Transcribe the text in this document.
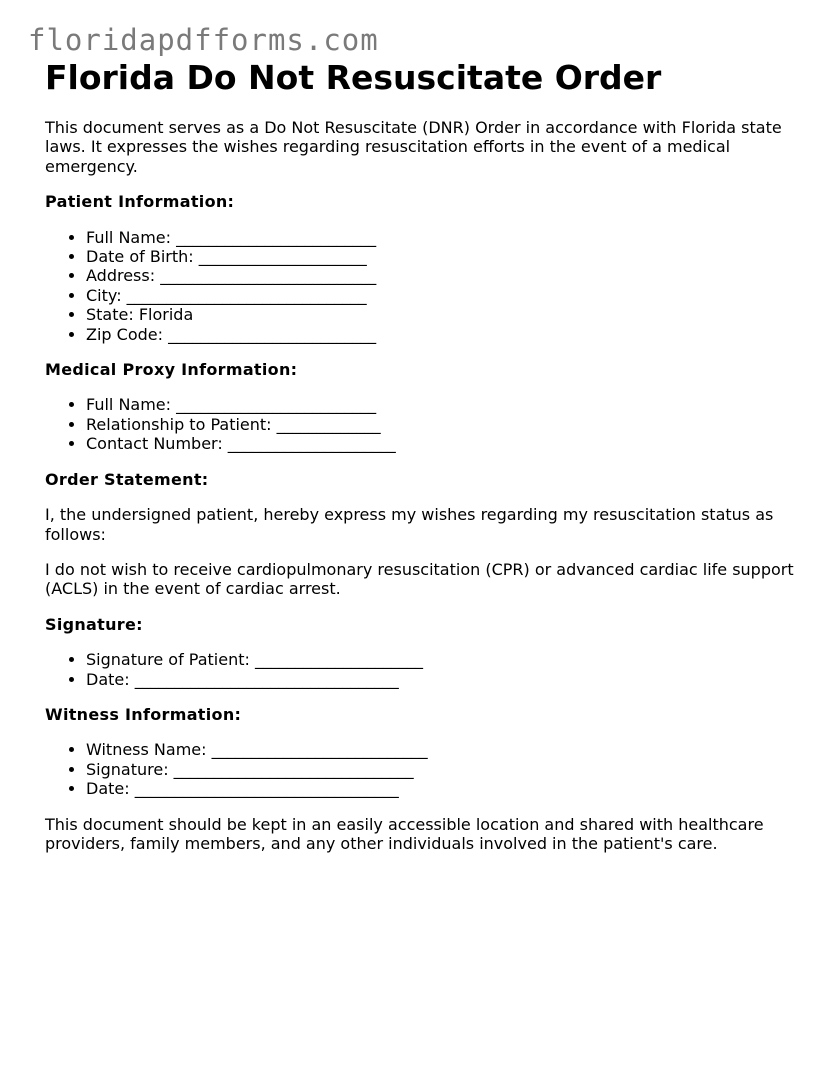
floridapdfforms.com
Florida Do Not Resuscitate Order

This document serves as a Do Not Resuscitate (DNR) Order in accordance with Florida state laws. It expresses the wishes regarding resuscitation efforts in the event of a medical emergency.

Patient Information:
• Full Name: _________________________
• Date of Birth: _____________________
• Address: ___________________________
• City: ______________________________
• State: Florida
• Zip Code: __________________________
Medical Proxy Information:
• Full Name: _________________________
• Relationship to Patient: _____________
• Contact Number: _____________________
Order Statement:

I, the undersigned patient, hereby express my wishes regarding my resuscitation status as follows:

I do not wish to receive cardiopulmonary resuscitation (CPR) or advanced cardiac life support (ACLS) in the event of cardiac arrest.

Signature:
• Signature of Patient: _____________________
• Date: _________________________________
Witness Information:
• Witness Name: ___________________________
• Signature: ______________________________
• Date: _________________________________

This document should be kept in an easily accessible location and shared with healthcare providers, family members, and any other individuals involved in the patient's care.
